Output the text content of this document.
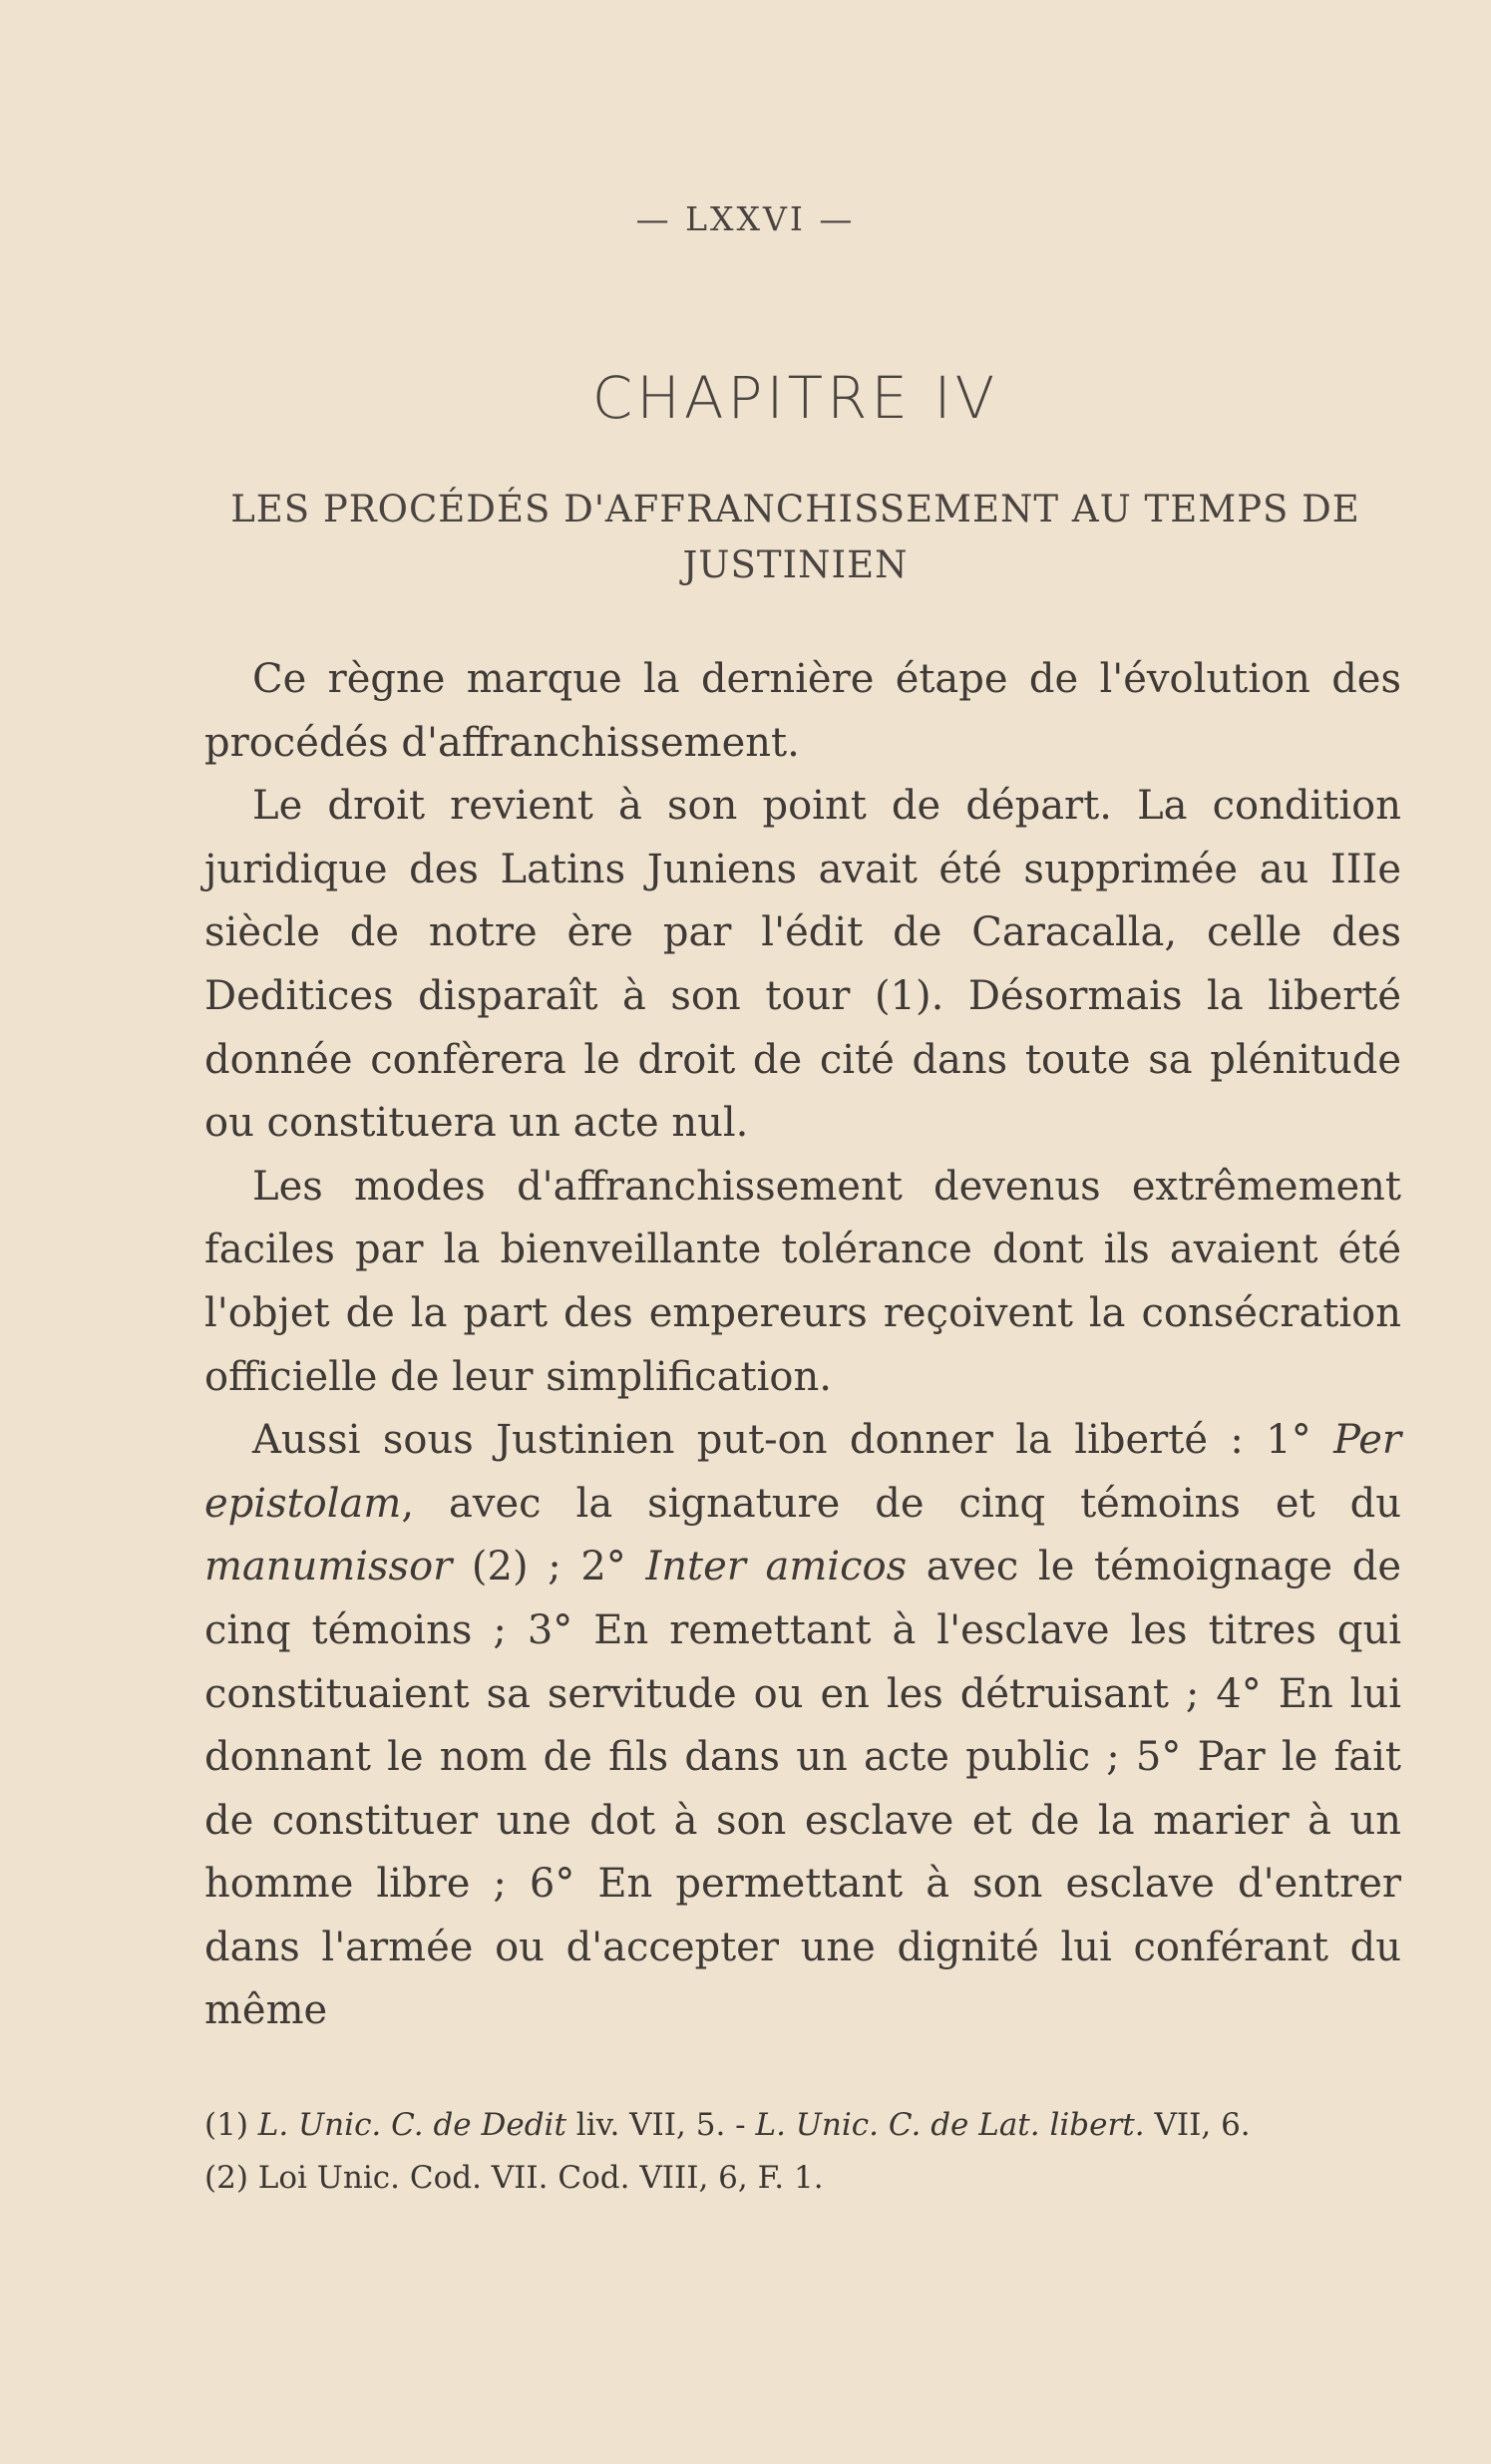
— LXXVI —
CHAPITRE IV
LES PROCÉDÉS D'AFFRANCHISSEMENT AU TEMPS DE JUSTINIEN

Ce règne marque la dernière étape de l'évolution des procédés d'affranchissement.

Le droit revient à son point de départ. La condition juridique des Latins Juniens avait été supprimée au IIIe siècle de notre ère par l'édit de Caracalla, celle des Deditices disparaît à son tour (1). Désormais la liberté donnée confèrera le droit de cité dans toute sa plénitude ou constituera un acte nul.

Les modes d'affranchissement devenus extrêmement faciles par la bienveillante tolérance dont ils avaient été l'objet de la part des empereurs reçoivent la consécration officielle de leur simplification.

Aussi sous Justinien put-on donner la liberté : 1° Per epistolam, avec la signature de cinq témoins et du manumissor (2) ; 2° Inter amicos avec le témoignage de cinq témoins ; 3° En remettant à l'esclave les titres qui constituaient sa servitude ou en les détruisant ; 4° En lui donnant le nom de fils dans un acte public ; 5° Par le fait de constituer une dot à son esclave et de la marier à un homme libre ; 6° En permettant à son esclave d'entrer dans l'armée ou d'accepter une dignité lui conférant du même

(1) L. Unic. C. de Dedit liv. VII, 5. - L. Unic. C. de Lat. libert. VII, 6.
(2) Loi Unic. Cod. VII. Cod. VIII, 6, F. 1.
